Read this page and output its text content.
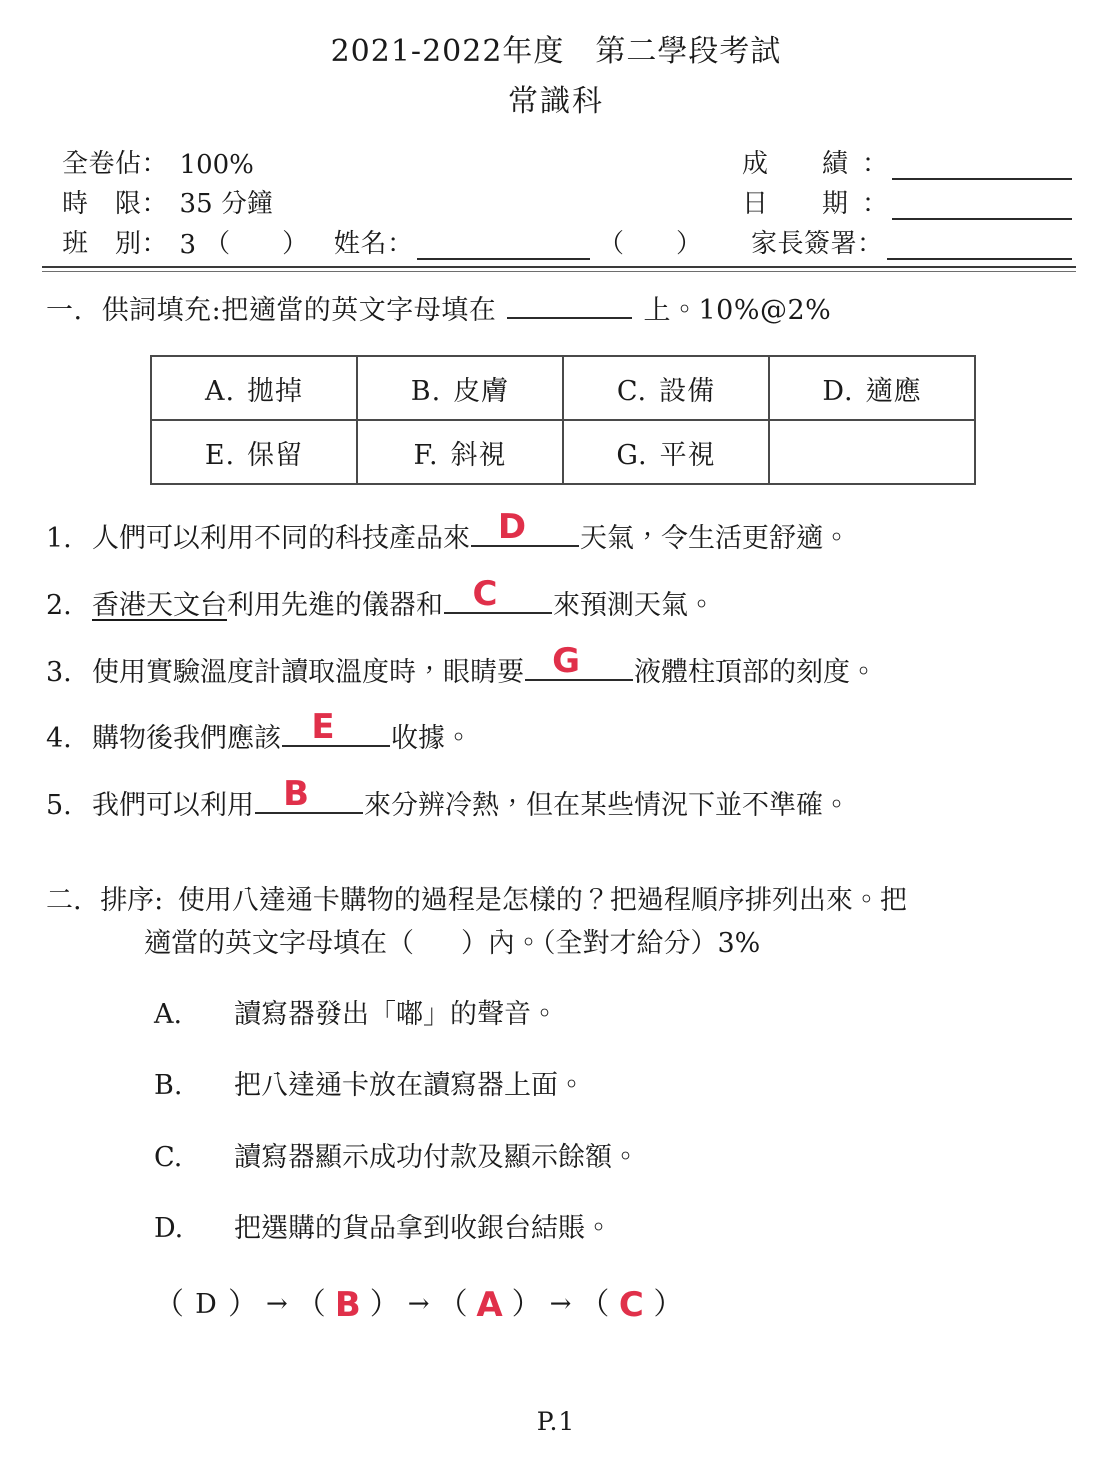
2021-2022年度　第二學段考試
常識科
全卷佔 ： 100%
時　限 ： 35 分鐘
班　別 ： 3 （　　）	姓名 ：	（　　）
成　績 ：
日　期 ：
家長簽署 ：
一. 供詞填充:把適當的英文字母填在	上。10%@2%
A. 拋掉	B. 皮膚	C. 設備	D. 適應
E. 保留	F. 斜視	G. 平視	
1. 人們可以利用不同的科技產品來 D 天氣，令生活更舒適。
2. 香港天文台利用先進的儀器和 C 來預測天氣。
3. 使用實驗溫度計讀取溫度時，眼睛要 G 液體柱頂部的刻度。
4. 購物後我們應該 E 收據。
5. 我們可以利用 B 來分辨冷熱，但在某些情況下並不準確。
二. 排序: 使用八達通卡購物的過程是怎樣的？把過程順序排列出來。把
適當的英文字母填在（　 ）內。（全對才給分）3%
A. 讀寫器發出「嘟」的聲音。
B. 把八達通卡放在讀寫器上面。
C. 讀寫器顯示成功付款及顯示餘額。
D. 把選購的貨品拿到收銀台結賬。
（ D ） → （ B ） → （ A ） → （ C ）
P.1
